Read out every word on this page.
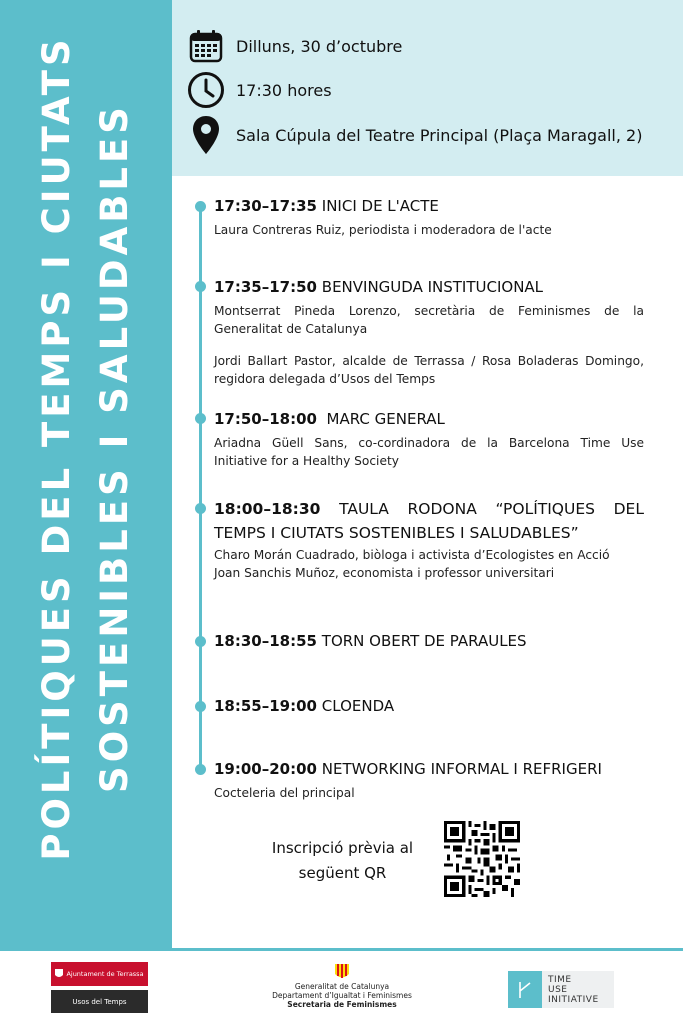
POLÍTIQUES DEL TEMPS I CIUTATS SOSTENIBLES I SALUDABLES
Dilluns, 30 d’octubre
17:30 hores
Sala Cúpula del Teatre Principal (Plaça Maragall, 2)
17:30–17:35 INICI DE L'ACTE

Laura Contreras Ruiz, periodista i moderadora de l'acte

17:35–17:50 BENVINGUDA INSTITUCIONAL

Montserrat Pineda Lorenzo, secretària de Feminismes de la Generalitat de Catalunya

Jordi Ballart Pastor, alcalde de Terrassa / Rosa Boladeras Domingo, regidora delegada d’Usos del Temps

17:50–18:00 MARC GENERAL

Ariadna Güell Sans, co-cordinadora de la Barcelona Time Use Initiative for a Healthy Society

18:00–18:30 TAULA RODONA “POLÍTIQUES DEL TEMPS I CIUTATS SOSTENIBLES I SALUDABLES”

Charo Morán Cuadrado, biòloga i activista d’Ecologistes en Acció

Joan Sanchis Muñoz, economista i professor universitari

18:30–18:55 TORN OBERT DE PARAULES
18:55–19:00 CLOENDA
19:00–20:00 NETWORKING INFORMAL I REFRIGERI

Cocteleria del principal

Inscripció prèvia al
següent QR
Ajuntament de Terrassa
Usos del Temps
Generalitat de Catalunya
Departament d’Igualtat i Feminismes
Secretaria de Feminismes
TIME
USE
INITIATIVE
